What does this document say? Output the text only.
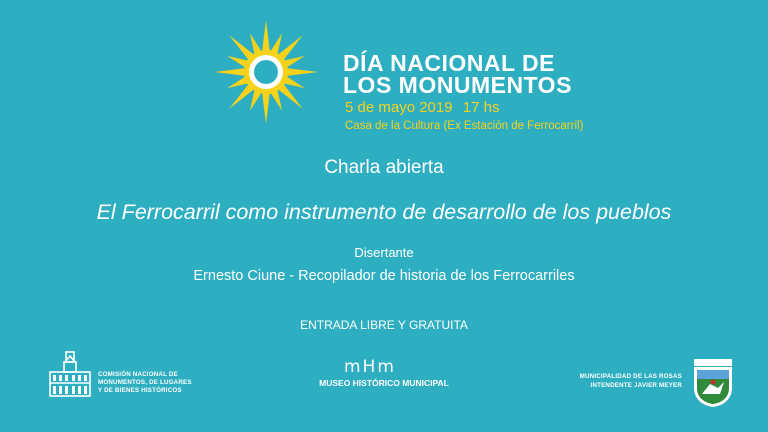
DÍA NACIONAL DE
LOS MONUMENTOS
5 de mayo 2019 17 hs
Casa de la Cultura (Ex Estación de Ferrocarril)
Charla abierta
El Ferrocarril como instrumento de desarrollo de los pueblos
Disertante
Ernesto Ciune - Recopilador de historia de los Ferrocarriles
ENTRADA LIBRE Y GRATUITA
COMISIÓN NACIONAL DE
MONUMENTOS, DE LUGARES
Y DE BIENES HISTÓRICOS
mHm
MUSEO HISTÓRICO MUNICIPAL
MUNICIPALIDAD DE LAS ROSAS
INTENDENTE JAVIER MEYER
